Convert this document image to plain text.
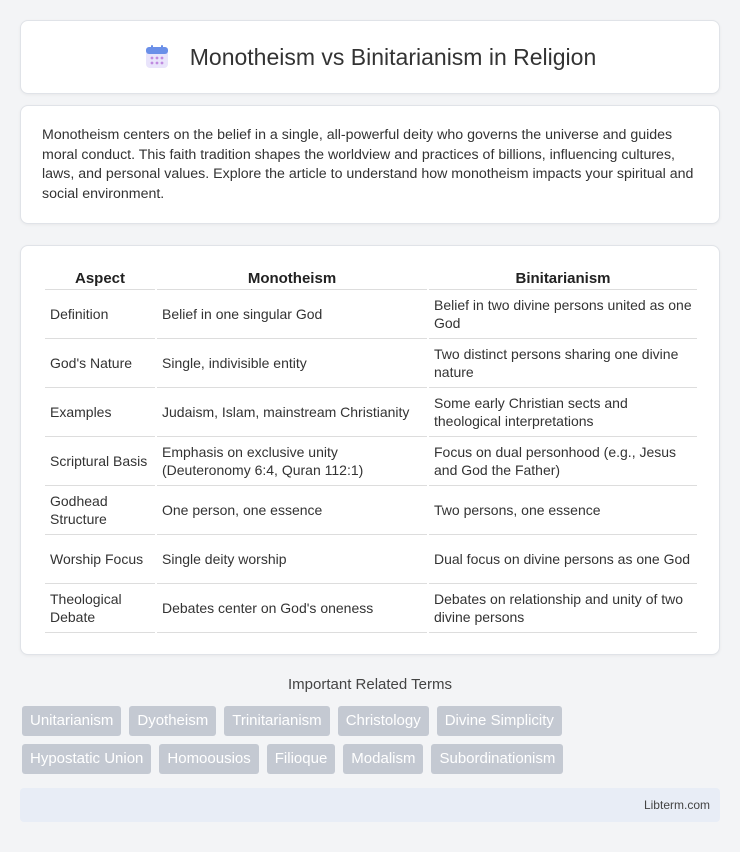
Monotheism vs Binitarianism in Religion

Monotheism centers on the belief in a single, all-powerful deity who governs the universe and guides moral conduct. This faith tradition shapes the worldview and practices of billions, influencing cultures, laws, and personal values. Explore the article to understand how monotheism impacts your spiritual and social environment.

Aspect	Monotheism	Binitarianism
Definition	Belief in one singular God	Belief in two divine persons united as one God
God's Nature	Single, indivisible entity	Two distinct persons sharing one divine nature
Examples	Judaism, Islam, mainstream Christianity	Some early Christian sects and theological interpretations
Scriptural Basis	Emphasis on exclusive unity (Deuteronomy 6:4, Quran 112:1)	Focus on dual personhood (e.g., Jesus and God the Father)
Godhead Structure	One person, one essence	Two persons, one essence
Worship Focus	Single deity worship	Dual focus on divine persons as one God
Theological Debate	Debates center on God's oneness	Debates on relationship and unity of two divine persons
Important Related Terms
Unitarianism	Dyotheism	Trinitarianism	Christology	Divine Simplicity
Hypostatic Union	Homoousios	Filioque	Modalism	Subordinationism
Libterm.com
